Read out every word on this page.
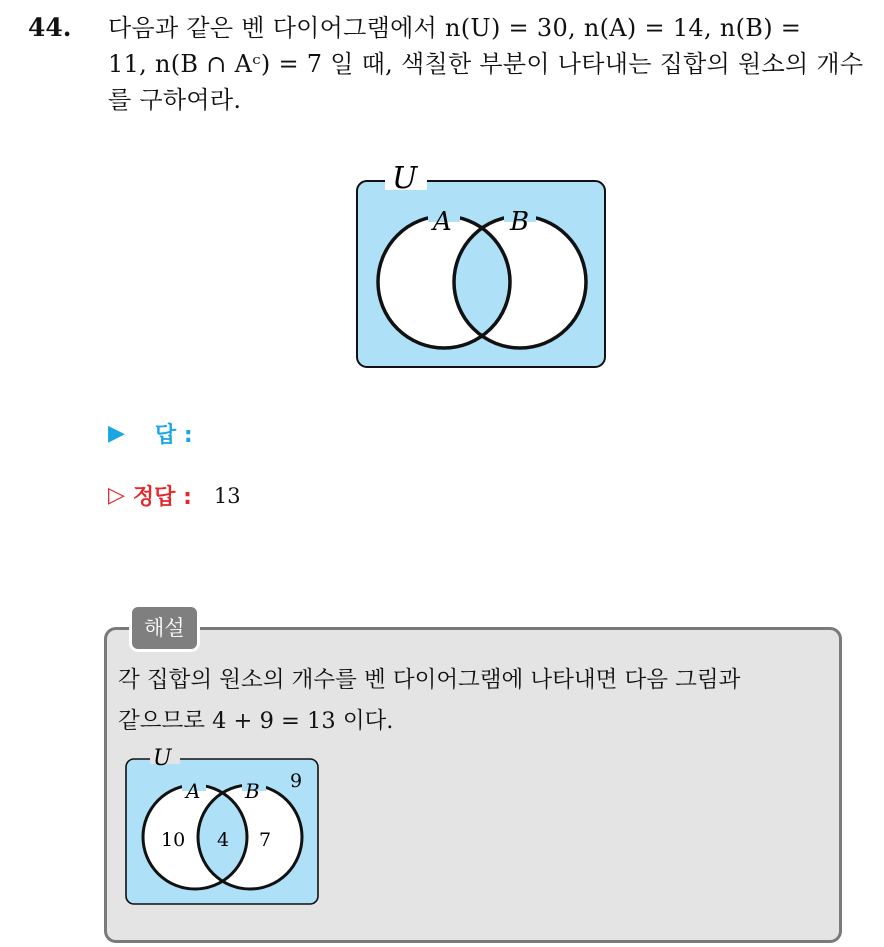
44. 다음과 같은 벤 다이어그램에서 n(U) = 30, n(A) = 14, n(B) =
11, n(B ∩ Aᶜ) = 7 일 때, 색칠한 부분이 나타내는 집합의 원소의 개수
를 구하여라.
U
A B
▶ 답 :
▷ 정답 : 13
해설
각 집합의 원소의 개수를 벤 다이어그램에 나타내면 다음 그림과
같으므로 4 + 9 = 13 이다.
U
A B 9
10 4 7
